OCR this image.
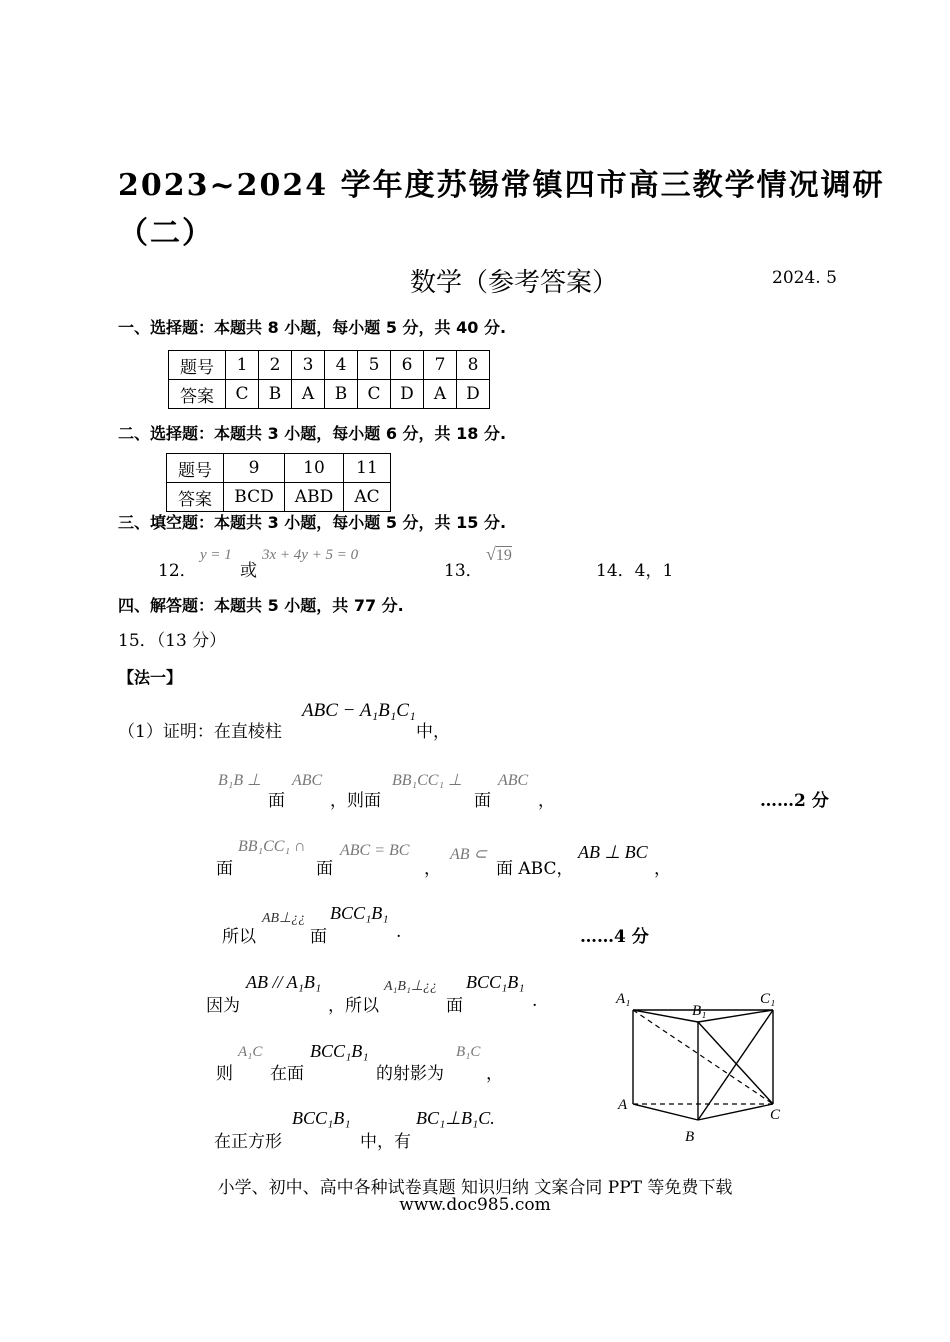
2023~2024 学年度苏锡常镇四市高三教学情况调研
（二）
数学（参考答案）	2024. 5
一、选择题：本题共 8 小题，每小题 5 分，共 40 分.
题号	1	2	3	4	5	6	7	8
答案	C	B	A	B	C	D	A	D
二、选择题：本题共 3 小题，每小题 6 分，共 18 分.
题号	9	10	11
答案	BCD	ABD	AC
三、填空题：本题共 3 小题，每小题 5 分，共 15 分.
12．
y = 1
或
3x + 4y + 5 = 0
13．
√19
14．4，1
四、解答题：本题共 5 小题，共 77 分.
15．（13 分）
【法一】
（1）证明：在直棱柱
ABC − A₁B₁C₁
中，
B₁B ⊥
面
ABC
，则面
BB₁CC₁ ⊥
面
ABC
，	……2 分
面
BB₁CC₁ ∩
面
ABC = BC
，
AB ⊂
面 ABC，
AB ⊥ BC
，
所以
AB⊥¿¿
面
BCC₁B₁
.	……4 分
因为
AB // A₁B₁
，所以
A₁B₁⊥¿¿
面
BCC₁B₁
.
则
A₁C
在面
BCC₁B₁
的射影为
B₁C
，
在正方形
BCC₁B₁
中，有
BC₁⊥B₁C.
A₁
B₁
C₁
A
B
C
小学、初中、高中各种试卷真题 知识归纳 文案合同 PPT 等免费下载
www.doc985.com
